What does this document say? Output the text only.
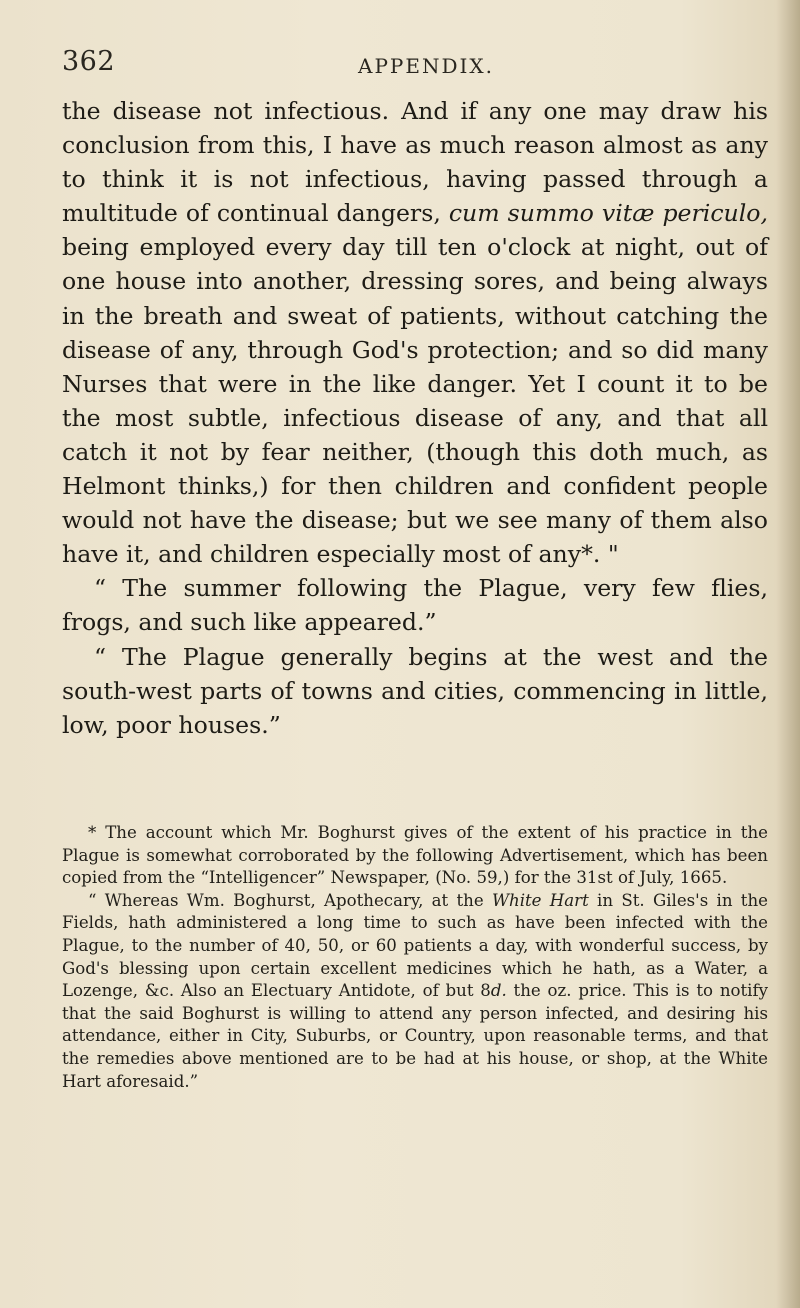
362	APPENDIX.

the disease not infectious. And if any one may draw his conclusion from this, I have as much reason almost as any to think it is not infectious, having passed through a multitude of continual dangers, cum summo vitæ periculo, being employed every day till ten o'clock at night, out of one house into another, dressing sores, and being always in the breath and sweat of patients, without catching the disease of any, through God's protection; and so did many Nurses that were in the like danger. Yet I count it to be the most subtle, infectious disease of any, and that all catch it not by fear neither, (though this doth much, as Helmont thinks,) for then children and confident people would not have the disease; but we see many of them also have it, and children especially most of any*. "

“ The summer following the Plague, very few flies, frogs, and such like appeared.”

“ The Plague generally begins at the west and the south-west parts of towns and cities, commencing in little, low, poor houses.”

* The account which Mr. Boghurst gives of the extent of his practice in the Plague is somewhat corroborated by the following Advertisement, which has been copied from the “Intelligencer” Newspaper, (No. 59,) for the 31st of July, 1665.

“ Whereas Wm. Boghurst, Apothecary, at the White Hart in St. Giles's in the Fields, hath administered a long time to such as have been infected with the Plague, to the number of 40, 50, or 60 patients a day, with wonderful success, by God's blessing upon certain excellent medicines which he hath, as a Water, a Lozenge, &c. Also an Electuary Antidote, of but 8d. the oz. price. This is to notify that the said Boghurst is willing to attend any person infected, and desiring his attendance, either in City, Suburbs, or Country, upon reasonable terms, and that the remedies above mentioned are to be had at his house, or shop, at the White Hart aforesaid.”
